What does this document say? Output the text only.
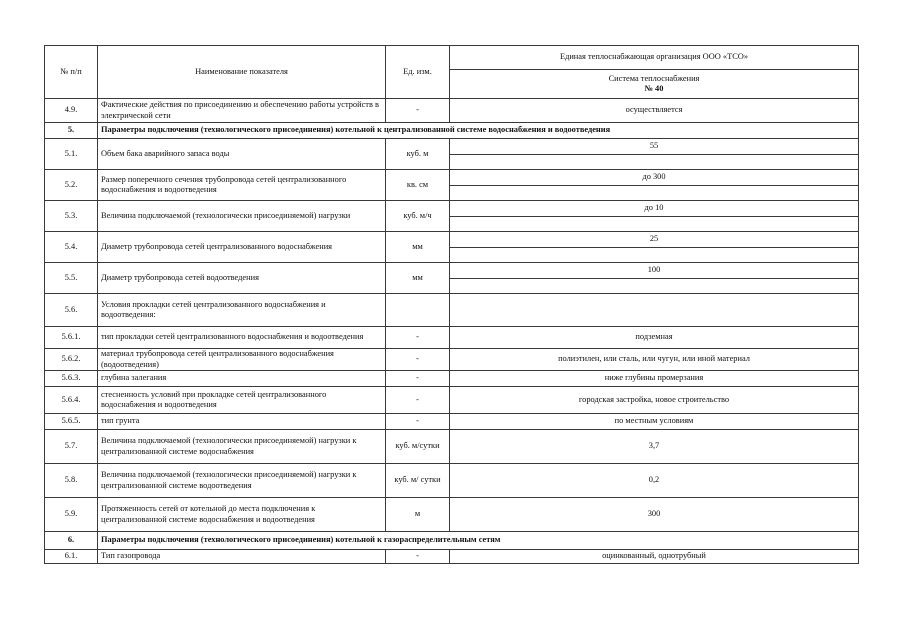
№ п/п	Наименование показателя	Ед. изм.	Единая теплоснабжающая организация ООО «ТСО»
			Система теплоснабжения
№ 40
4.9.	Фактические действия по присоединению и обеспечению работы устройств в электрической сети	-	осуществляется
5.	Параметры подключения (технологического присоединения) котельной к централизованной системе водоснабжения и водоотведения		
5.1.	Объем бака аварийного запаса воды	куб. м	55

5.2.	Размер поперечного сечения трубопровода сетей централизованного водоснабжения и водоотведения	кв. см	до 300

5.3.	Величина подключаемой (технологически присоединяемой) нагрузки	куб. м/ч	до 10

5.4.	Диаметр трубопровода сетей централизованного водоснабжения	мм	25

5.5.	Диаметр трубопровода сетей водоотведения	мм	100

5.6.	Условия прокладки сетей централизованного водоснабжения и водоотведения:		
5.6.1.	тип прокладки сетей централизованного водоснабжения и водоотведения	-	подземная
5.6.2.	материал трубопровода сетей централизованного водоснабжения (водоотведения)	-	полиэтилен, или сталь, или чугун, или иной материал
5.6.3.	глубина залегания	-	ниже глубины промерзания
5.6.4.	стесненность условий при прокладке сетей централизованного водоснабжения и водоотведения	-	городская застройка, новое строительство
5.6.5.	тип грунта	-	по местным условиям
5.7.	Величина подключаемой (технологически присоединяемой) нагрузки к централизованной системе водоснабжения	куб. м/сутки	3,7
5.8.	Величина подключаемой (технологически присоединяемой) нагрузки к централизованной системе водоотведения	куб. м/ сутки	0,2
5.9.	Протяженность сетей от котельной до места подключения к централизованной системе водоснабжения и водоотведения	м	300
6.	Параметры подключения (технологического присоединения) котельной к газораспределительным сетям		
6.1.	Тип газопровода	-	оцинкованный, однотрубный
